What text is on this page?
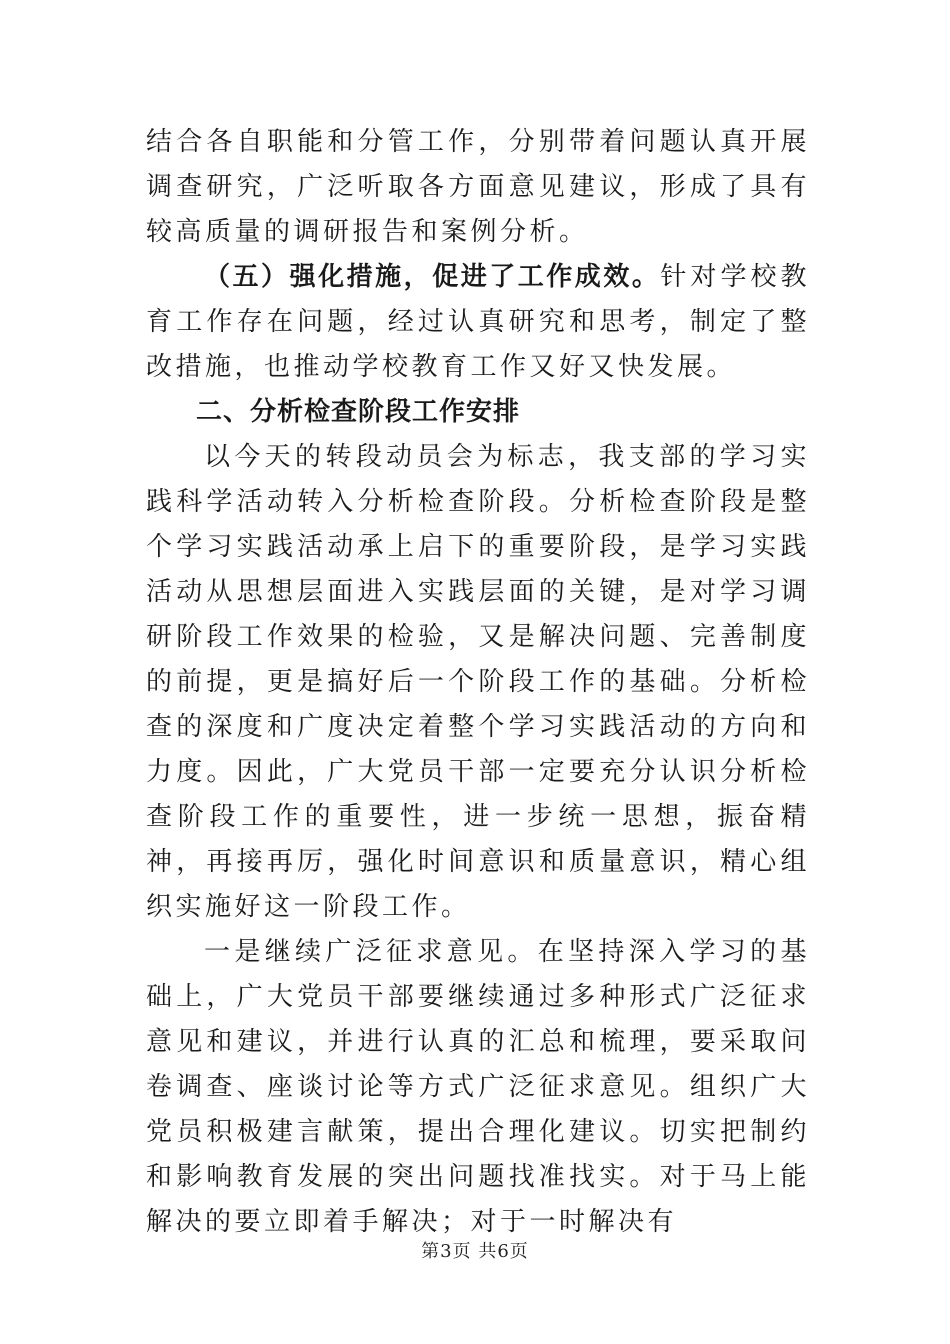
结合各自职能和分管工作，分别带着问题认真开展调查研究，广泛听取各方面意见建议，形成了具有较高质量的调研报告和案例分析。

（五）强化措施，促进了工作成效。针对学校教育工作存在问题，经过认真研究和思考，制定了整改措施，也推动学校教育工作又好又快发展。

二、分析检查阶段工作安排

以今天的转段动员会为标志，我支部的学习实践科学活动转入分析检查阶段。分析检查阶段是整个学习实践活动承上启下的重要阶段，是学习实践活动从思想层面进入实践层面的关键，是对学习调研阶段工作效果的检验，又是解决问题、完善制度的前提，更是搞好后一个阶段工作的基础。分析检查的深度和广度决定着整个学习实践活动的方向和力度。因此，广大党员干部一定要充分认识分析检查阶段工作的重要性，进一步统一思想，振奋精神，再接再厉，强化时间意识和质量意识，精心组织实施好这一阶段工作。

一是继续广泛征求意见。在坚持深入学习的基础上，广大党员干部要继续通过多种形式广泛征求意见和建议，并进行认真的汇总和梳理，要采取问卷调查、座谈讨论等方式广泛征求意见。组织广大党员积极建言献策，提出合理化建议。切实把制约和影响教育发展的突出问题找准找实。对于马上能解决的要立即着手解决；对于一时解决有

第3页 共6页
